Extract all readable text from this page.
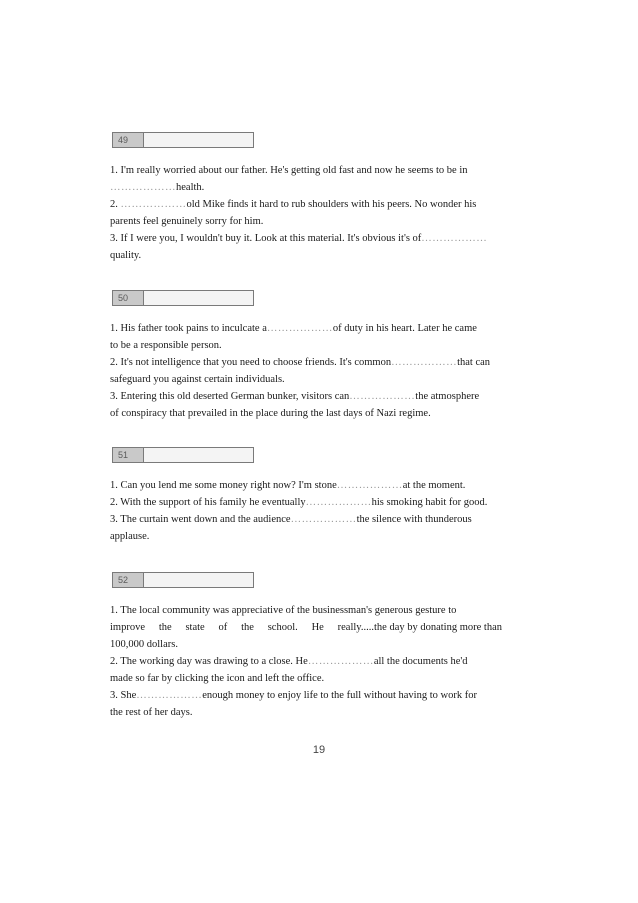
49
1. I'm really worried about our father. He's getting old fast and now he seems to be in
………………health.
2. ………………old Mike finds it hard to rub shoulders with his peers. No wonder his
parents feel genuinely sorry for him.
3. If I were you, I wouldn't buy it. Look at this material. It's obvious it's of………………
quality.
50
1. His father took pains to inculcate a………………of duty in his heart. Later he came
to be a responsible person.
2. It's not intelligence that you need to choose friends. It's common………………that can
safeguard you against certain individuals.
3. Entering this old deserted German bunker, visitors can………………the atmosphere
of conspiracy that prevailed in the place during the last days of Nazi regime.
51
1. Can you lend me some money right now? I'm stone………………at the moment.
2. With the support of his family he eventually………………his smoking habit for good.
3. The curtain went down and the audience………………the silence with thunderous
applause.
52
1. The local community was appreciative of the businessman's generous gesture to
improve the state of the school. He really.....the day by donating more than
100,000 dollars.
2. The working day was drawing to a close. He………………all the documents he'd
made so far by clicking the icon and left the office.
3. She………………enough money to enjoy life to the full without having to work for
the rest of her days.
19
